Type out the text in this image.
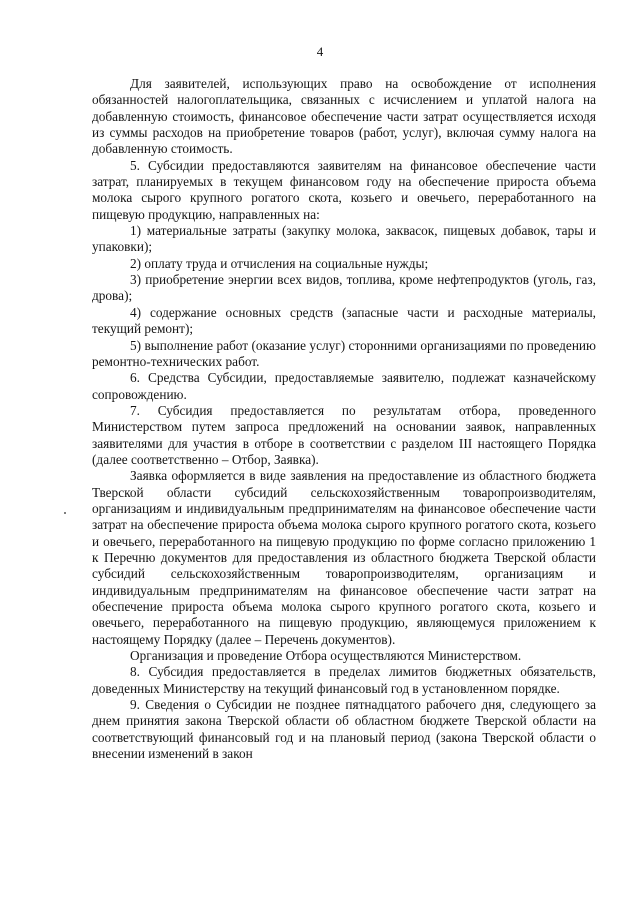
4

Для заявителей, использующих право на освобождение от исполнения обязанностей налогоплательщика, связанных с исчислением и уплатой налога на добавленную стоимость, финансовое обеспечение части затрат осуществляется исходя из суммы расходов на приобретение товаров (работ, услуг), включая сумму налога на добавленную стоимость.

5. Субсидии предоставляются заявителям на финансовое обеспечение части затрат, планируемых в текущем финансовом году на обеспечение прироста объема молока сырого крупного рогатого скота, козьего и овечьего, переработанного на пищевую продукцию, направленных на:

1) материальные затраты (закупку молока, заквасок, пищевых добавок, тары и упаковки);

2) оплату труда и отчисления на социальные нужды;

3) приобретение энергии всех видов, топлива, кроме нефтепродуктов (уголь, газ, дрова);

4) содержание основных средств (запасные части и расходные материалы, текущий ремонт);

5) выполнение работ (оказание услуг) сторонними организациями по проведению ремонтно-технических работ.

6. Средства Субсидии, предоставляемые заявителю, подлежат казначейскому сопровождению.

7. Субсидия предоставляется по результатам отбора, проведенного Министерством путем запроса предложений на основании заявок, направленных заявителями для участия в отборе в соответствии с разделом III настоящего Порядка (далее соответственно – Отбор, Заявка).

Заявка оформляется в виде заявления на предоставление из областного бюджета Тверской области субсидий сельскохозяйственным товаропроизводителям, организациям и индивидуальным предпринимателям на финансовое обеспечение части затрат на обеспечение прироста объема молока сырого крупного рогатого скота, козьего и овечьего, переработанного на пищевую продукцию по форме согласно приложению 1 к Перечню документов для предоставления из областного бюджета Тверской области субсидий сельскохозяйственным товаропроизводителям, организациям и индивидуальным предпринимателям на финансовое обеспечение части затрат на обеспечение прироста объема молока сырого крупного рогатого скота, козьего и овечьего, переработанного на пищевую продукцию, являющемуся приложением к настоящему Порядку (далее – Перечень документов).

Организация и проведение Отбора осуществляются Министерством.

8. Субсидия предоставляется в пределах лимитов бюджетных обязательств, доведенных Министерству на текущий финансовый год в установленном порядке.

9. Сведения о Субсидии не позднее пятнадцатого рабочего дня, следующего за днем принятия закона Тверской области об областном бюджете Тверской области на соответствующий финансовый год и на плановый период (закона Тверской области о внесении изменений в закон
